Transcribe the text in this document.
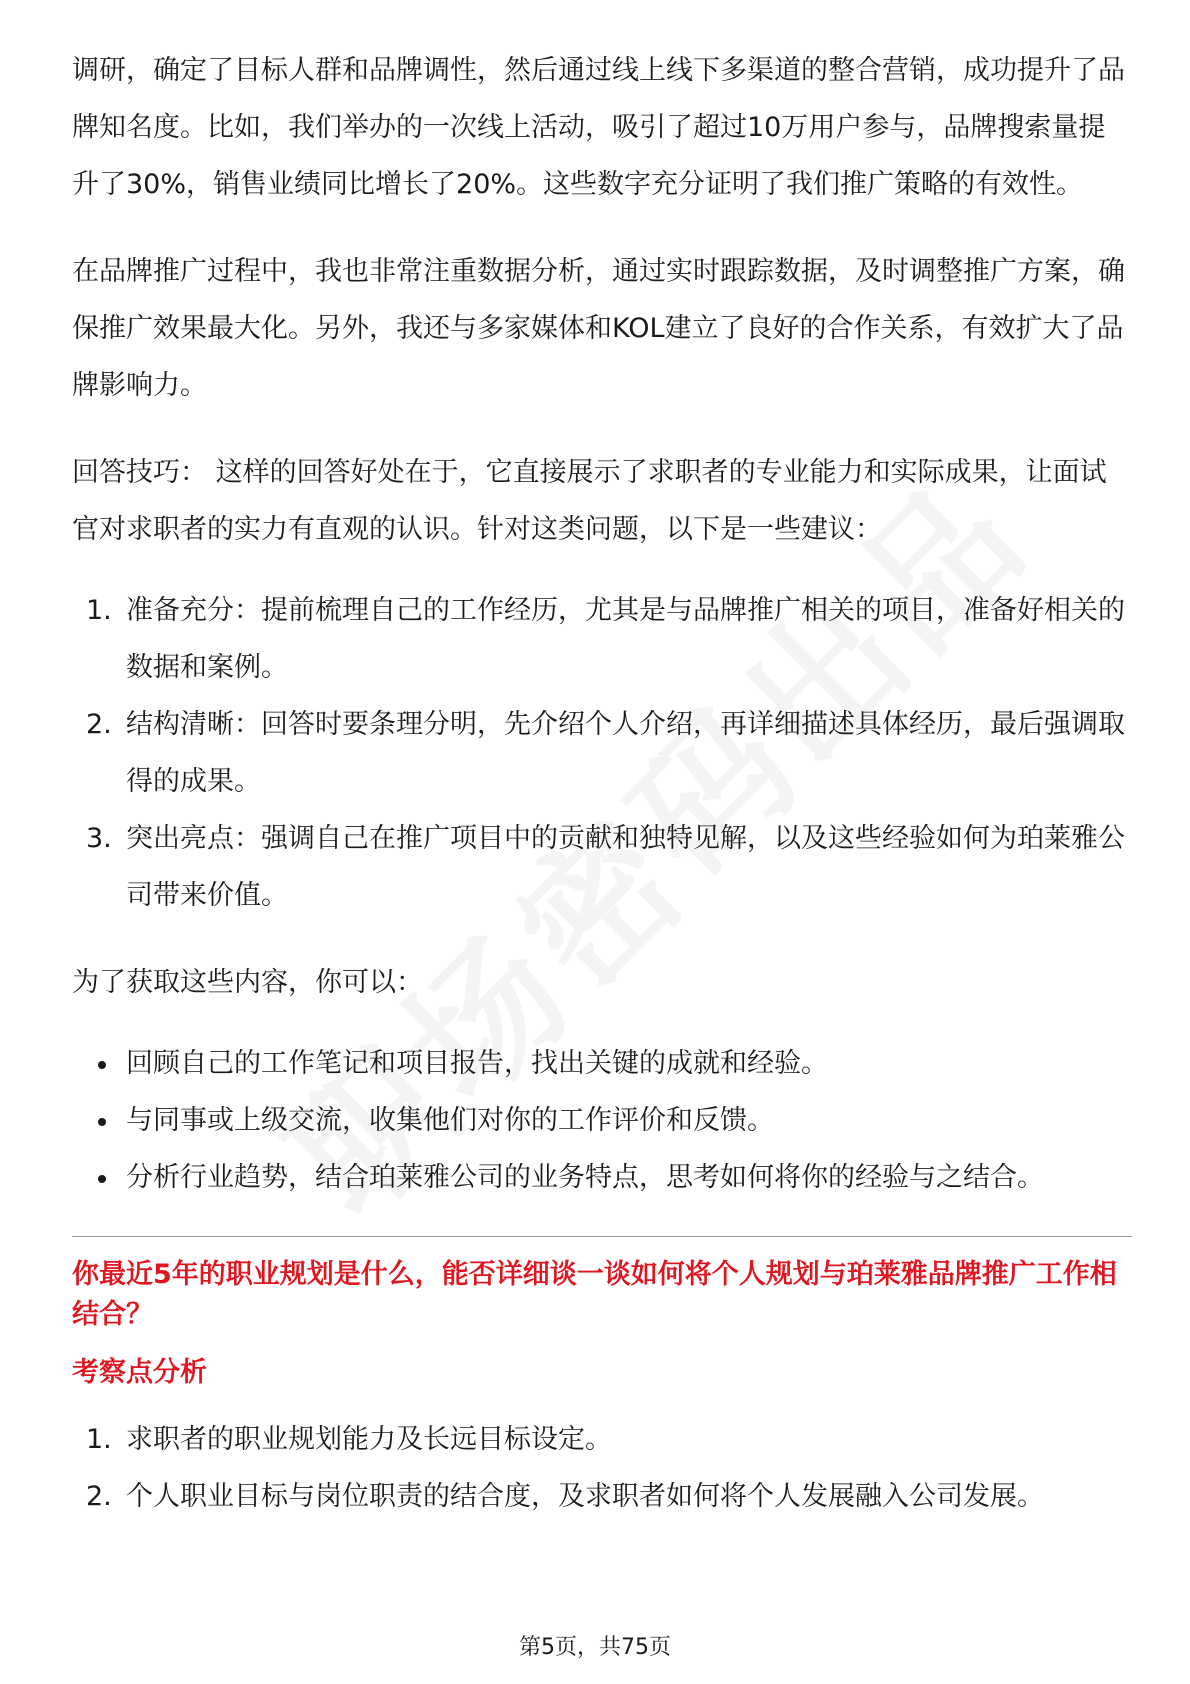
调研，确定了目标人群和品牌调性，然后通过线上线下多渠道的整合营销，成功提升了品牌知名度。比如，我们举办的一次线上活动，吸引了超过10万用户参与，品牌搜索量提升了30%，销售业绩同比增长了20%。这些数字充分证明了我们推广策略的有效性。

在品牌推广过程中，我也非常注重数据分析，通过实时跟踪数据，及时调整推广方案，确保推广效果最大化。另外，我还与多家媒体和KOL建立了良好的合作关系，有效扩大了品牌影响力。

回答技巧： 这样的回答好处在于，它直接展示了求职者的专业能力和实际成果，让面试官对求职者的实力有直观的认识。针对这类问题，以下是一些建议：

1. 准备充分：提前梳理自己的工作经历，尤其是与品牌推广相关的项目，准备好相关的数据和案例。
2. 结构清晰：回答时要条理分明，先介绍个人介绍，再详细描述具体经历，最后强调取得的成果。
3. 突出亮点：强调自己在推广项目中的贡献和独特见解，以及这些经验如何为珀莱雅公司带来价值。

为了获取这些内容，你可以：

回顾自己的工作笔记和项目报告，找出关键的成就和经验。
与同事或上级交流，收集他们对你的工作评价和反馈。
分析行业趋势，结合珀莱雅公司的业务特点，思考如何将你的经验与之结合。
你最近5年的职业规划是什么，能否详细谈一谈如何将个人规划与珀莱雅品牌推广工作相结合？
考察点分析
1. 求职者的职业规划能力及长远目标设定。
2. 个人职业目标与岗位职责的结合度，及求职者如何将个人发展融入公司发展。
第5页，共75页
